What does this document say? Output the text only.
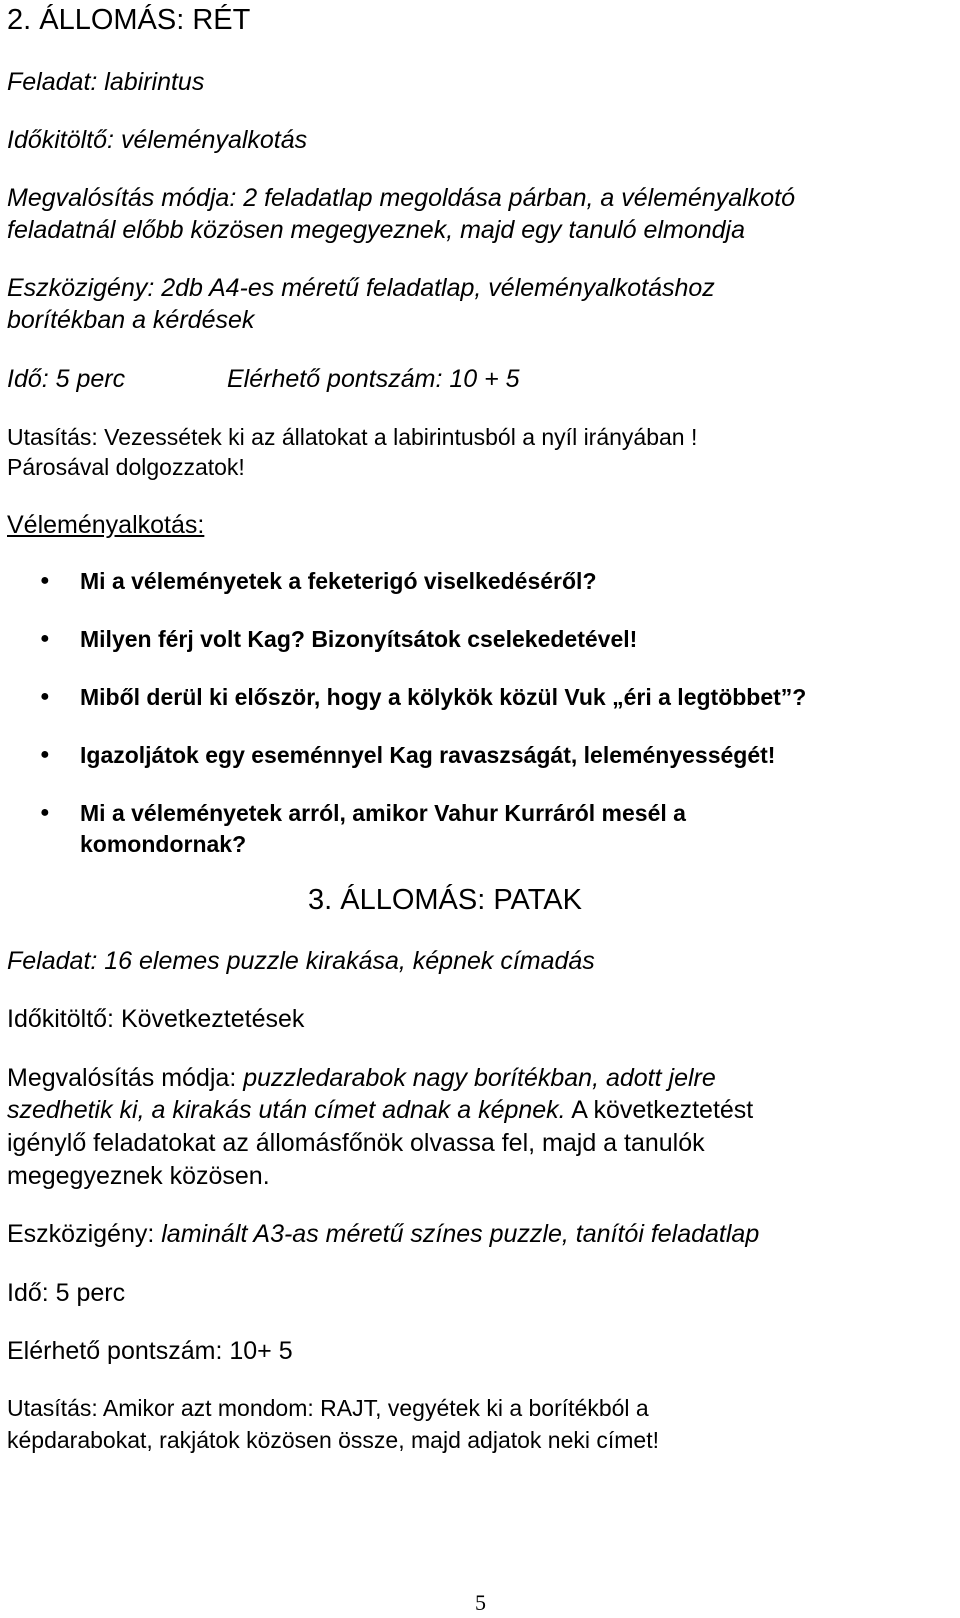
2. ÁLLOMÁS: RÉT
Feladat: labirintus
Időkitöltő: véleményalkotás
Megvalósítás módja: 2 feladatlap megoldása párban, a véleményalkotó
feladatnál előbb közösen megegyeznek, majd egy tanuló elmondja
Eszközigény: 2db A4-es méretű feladatlap, véleményalkotáshoz
borítékban a kérdések
Idő: 5 perc	Elérhető pontszám: 10 + 5
Utasítás: Vezessétek ki az állatokat a labirintusból a nyíl irányában !
Párosával dolgozzatok!
Véleményalkotás:
● Mi a véleményetek a feketerigó viselkedéséről?
● Milyen férj volt Kag? Bizonyítsátok cselekedetével!
● Miből derül ki először, hogy a kölykök közül Vuk „éri a legtöbbet”?
● Igazoljátok egy eseménnyel Kag ravaszságát, leleményességét!
● Mi a véleményetek arról, amikor Vahur Kurráról mesél a
komondornak?
3. ÁLLOMÁS: PATAK
Feladat: 16 elemes puzzle kirakása, képnek címadás
Időkitöltő: Következtetések
Megvalósítás módja: puzzledarabok nagy borítékban, adott jelre
szedhetik ki, a kirakás után címet adnak a képnek. A következtetést
igénylő feladatokat az állomásfőnök olvassa fel, majd a tanulók
megegyeznek közösen.
Eszközigény: laminált A3-as méretű színes puzzle, tanítói feladatlap
Idő: 5 perc
Elérhető pontszám: 10+ 5
Utasítás: Amikor azt mondom: RAJT, vegyétek ki a borítékból a
képdarabokat, rakjátok közösen össze, majd adjatok neki címet!
5
